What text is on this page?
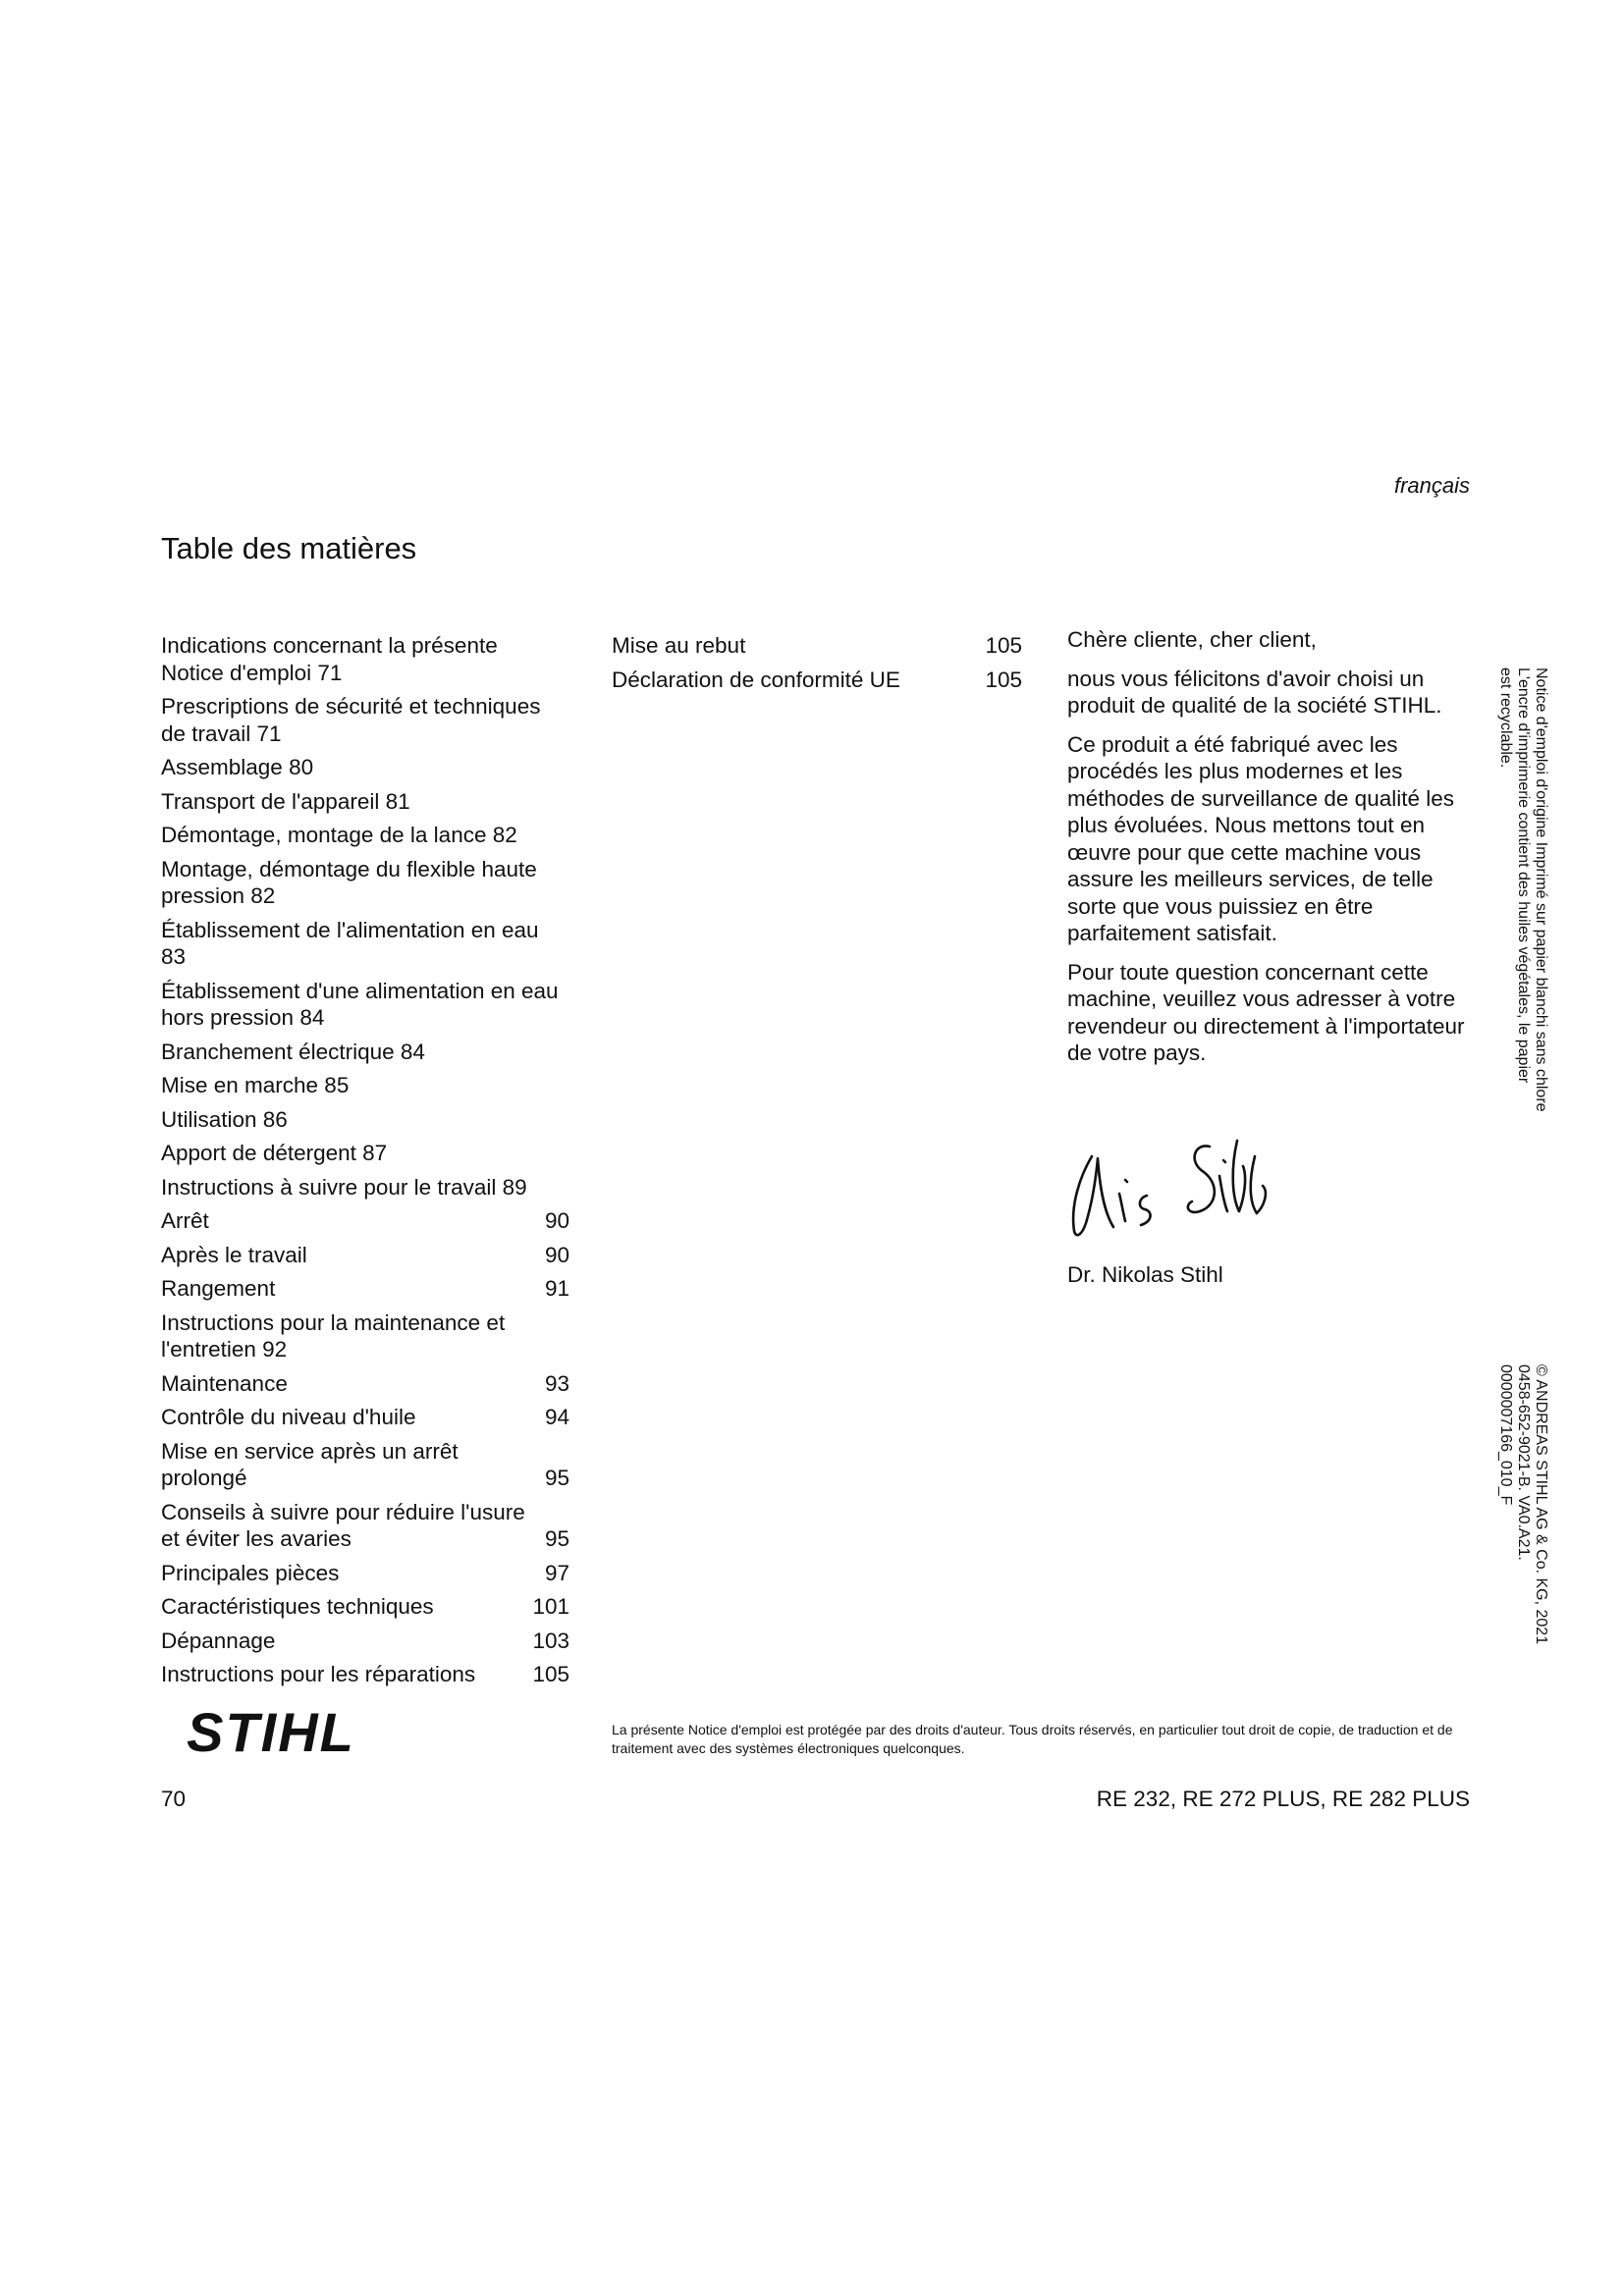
français
Table des matières
Indications concernant la présente Notice d'emploi 71
Prescriptions de sécurité et techniques de travail 71
Assemblage 80
Transport de l'appareil 81
Démontage, montage de la lance 82
Montage, démontage du flexible haute pression 82
Établissement de l'alimentation en eau 83
Établissement d'une alimentation en eau hors pression 84
Branchement électrique 84
Mise en marche 85
Utilisation 86
Apport de détergent 87
Instructions à suivre pour le travail 89
Arrêt	90
Après le travail	90
Rangement	91
Instructions pour la maintenance et l'entretien 92
Maintenance	93
Contrôle du niveau d'huile	94
Mise en service après un arrêt prolongé	95
Conseils à suivre pour réduire l'usure et éviter les avaries	95
Principales pièces	97
Caractéristiques techniques	101
Dépannage	103
Instructions pour les réparations	105
Mise au rebut	105
Déclaration de conformité UE	105

Chère cliente, cher client,

nous vous félicitons d'avoir choisi un produit de qualité de la société STIHL.

Ce produit a été fabriqué avec les procédés les plus modernes et les méthodes de surveillance de qualité les plus évoluées. Nous mettons tout en œuvre pour que cette machine vous assure les meilleurs services, de telle sorte que vous puissiez en être parfaitement satisfait.

Pour toute question concernant cette machine, veuillez vous adresser à votre revendeur ou directement à l'importateur de votre pays.

Dr. Nikolas Stihl
Notice d'emploi d'origine Imprimé sur papier blanchi sans chlore
L'encre d'imprimerie contient des huiles végétales, le papier
est recyclable.
© ANDREAS STIHL AG & Co. KG, 2021
0458-652-9021-B. VA0.A21.
0000007166_010_F
STIHL	La présente Notice d'emploi est protégée par des droits d'auteur. Tous droits réservés, en particulier tout droit de copie, de traduction et de traitement avec des systèmes électroniques quelconques.
70	RE 232, RE 272 PLUS, RE 282 PLUS
